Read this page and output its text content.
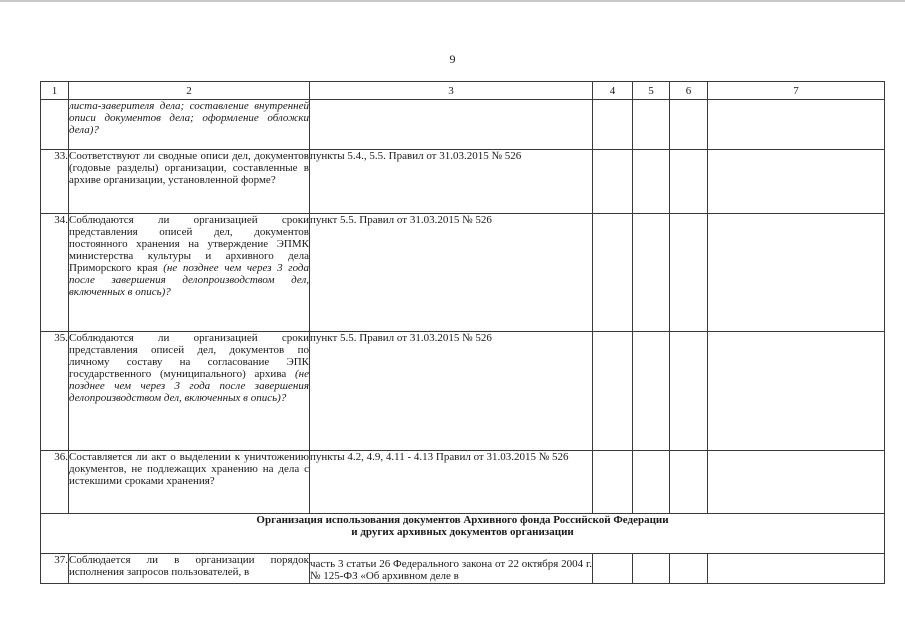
9
1	2	3	4	5	6	7
	листа-заверителя дела; составление внутренней описи документов дела; оформление обложки дела)?					
33.	Соответствуют ли сводные описи дел, документов (годовые разделы) организации, составленные в архиве организации, установленной форме?	пункты 5.4., 5.5. Правил от 31.03.2015 № 526				
34.	Соблюдаются ли организацией сроки представления описей дел, документов постоянного хранения на утверждение ЭПМК министерства культуры и архивного дела Приморского края (не позднее чем через 3 года после завершения делопроизводством дел, включенных в опись)?	пункт 5.5. Правил от 31.03.2015 № 526				
35.	Соблюдаются ли организацией сроки представления описей дел, документов по личному составу на согласование ЭПК государственного (муниципального) архива (не позднее чем через 3 года после завершения делопроизводством дел, включенных в опись)?	пункт 5.5. Правил от 31.03.2015 № 526				
36.	Составляется ли акт о выделении к уничтожению документов, не подлежащих хранению на дела с истекшими сроками хранения?	пункты 4.2, 4.9, 4.11 - 4.13 Правил от 31.03.2015 № 526				

Организация использования документов Архивного фонда Российской Федерации
и других архивных документов организации						

37.	Соблюдается ли в организации порядок исполнения запросов пользователей, в	часть 3 статьи 26 Федерального закона от 22 октября 2004 г. № 125-ФЗ «Об архивном деле в				
